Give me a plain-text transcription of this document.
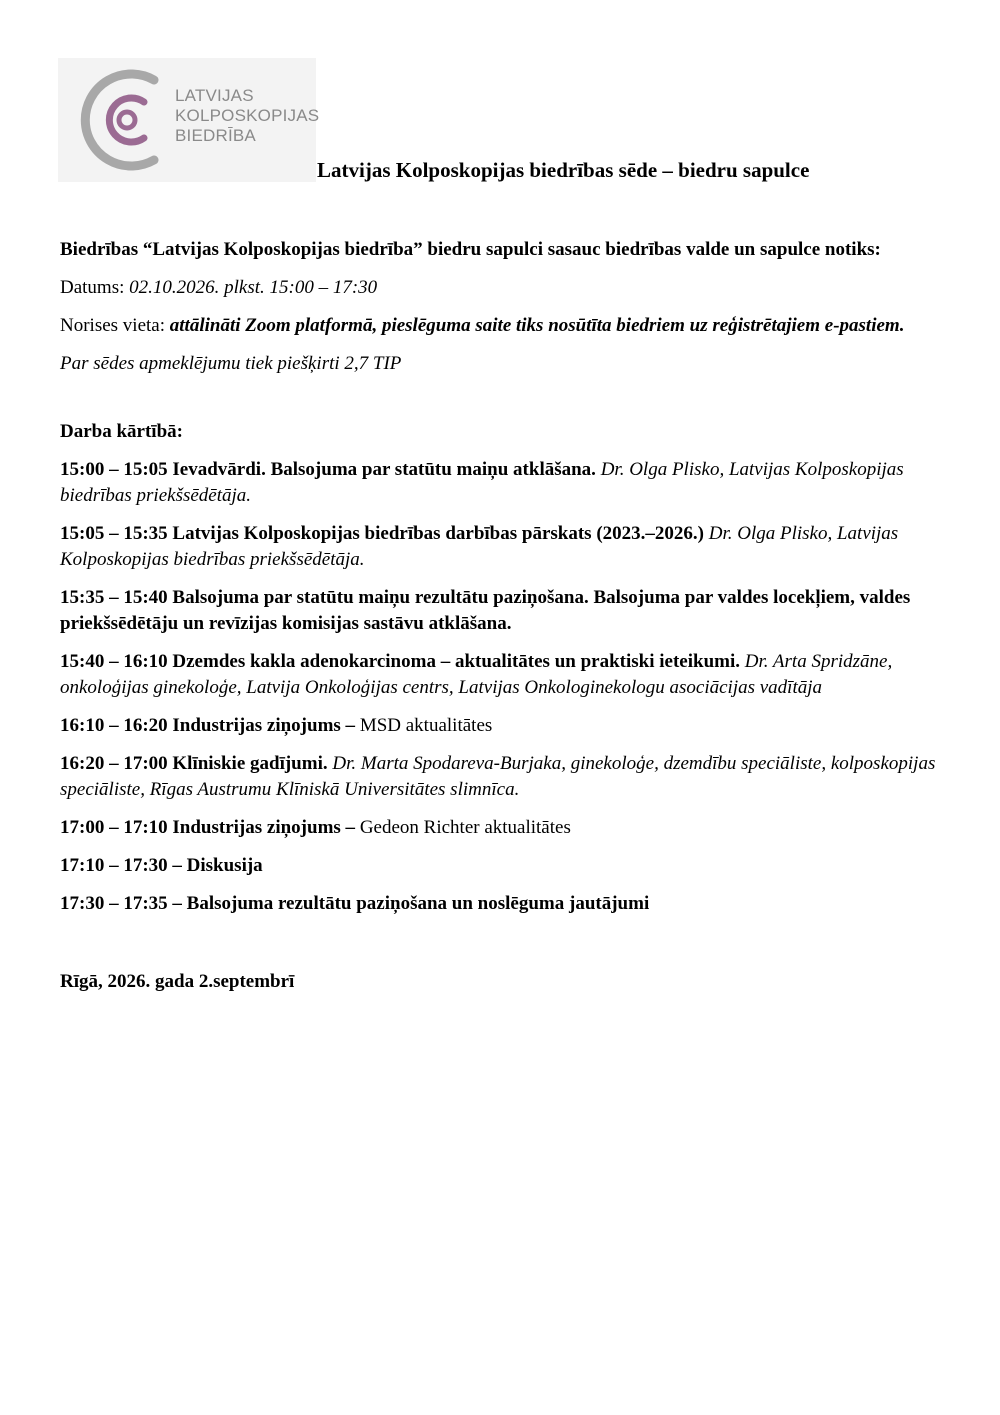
LATVIJAS
KOLPOSKOPIJAS
BIEDRĪBA
Latvijas Kolposkopijas biedrības sēde – biedru sapulce

Biedrības “Latvijas Kolposkopijas biedrība” biedru sapulci sasauc biedrības valde un sapulce notiks:

Datums: 02.10.2026. plkst. 15:00 – 17:30

Norises vieta: attālināti Zoom platformā, pieslēguma saite tiks nosūtīta biedriem uz reģistrētajiem e-pastiem.

Par sēdes apmeklējumu tiek piešķirti 2,7 TIP

Darba kārtībā:

15:00 – 15:05 Ievadvārdi. Balsojuma par statūtu maiņu atklāšana. Dr. Olga Plisko, Latvijas Kolposkopijas biedrības priekšsēdētāja.

15:05 – 15:35 Latvijas Kolposkopijas biedrības darbības pārskats (2023.–2026.) Dr. Olga Plisko, Latvijas Kolposkopijas biedrības priekšsēdētāja.

15:35 – 15:40 Balsojuma par statūtu maiņu rezultātu paziņošana. Balsojuma par valdes locekļiem, valdes priekšsēdētāju un revīzijas komisijas sastāvu atklāšana.

15:40 – 16:10 Dzemdes kakla adenokarcinoma – aktualitātes un praktiski ieteikumi. Dr. Arta Spridzāne, onkoloģijas ginekoloģe, Latvija Onkoloģijas centrs, Latvijas Onkologinekologu asociācijas vadītāja

16:10 – 16:20 Industrijas ziņojums – MSD aktualitātes

16:20 – 17:00 Klīniskie gadījumi. Dr. Marta Spodareva-Burjaka, ginekoloģe, dzemdību speciāliste, kolposkopijas speciāliste, Rīgas Austrumu Klīniskā Universitātes slimnīca.

17:00 – 17:10 Industrijas ziņojums – Gedeon Richter aktualitātes

17:10 – 17:30 – Diskusija

17:30 – 17:35 – Balsojuma rezultātu paziņošana un noslēguma jautājumi

Rīgā, 2026. gada 2.septembrī
